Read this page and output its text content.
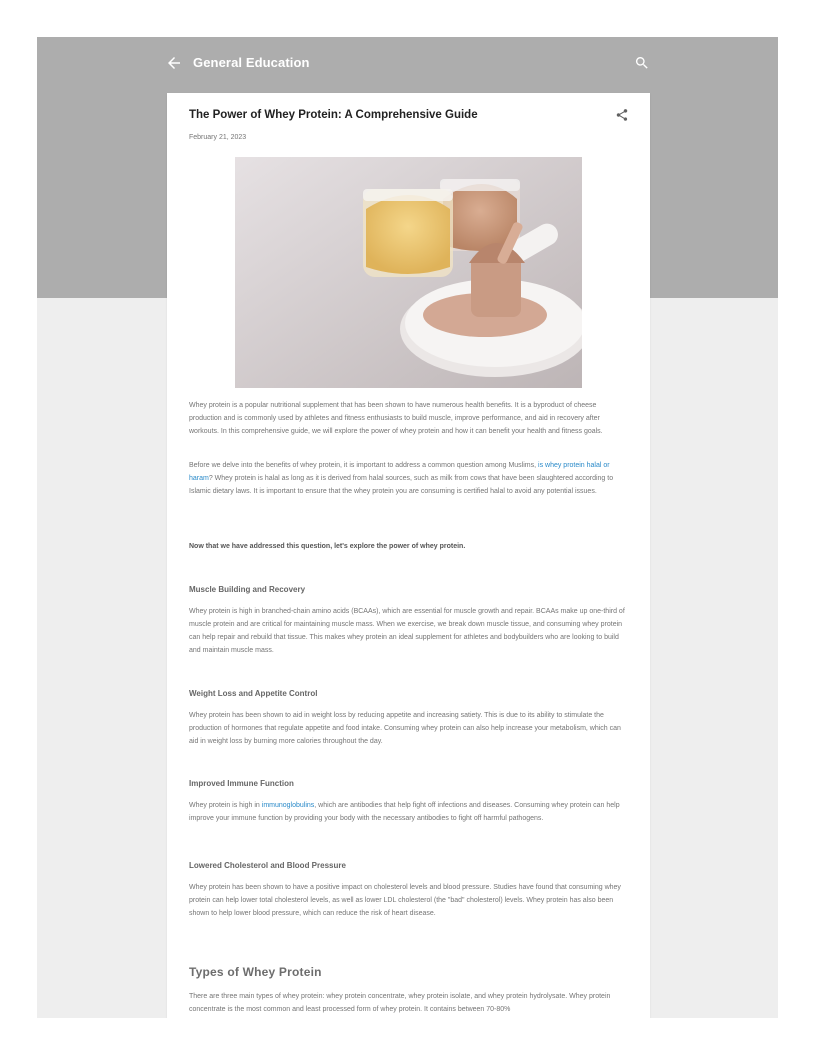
General Education
The Power of Whey Protein: A Comprehensive Guide
February 21, 2023
Whey protein is a popular nutritional supplement that has been shown to have numerous health benefits. It is a byproduct of cheese production and is commonly used by athletes and fitness enthusiasts to build muscle, improve performance, and aid in recovery after workouts. In this comprehensive guide, we will explore the power of whey protein and how it can benefit your health and fitness goals.
Before we delve into the benefits of whey protein, it is important to address a common question among Muslims, is whey protein halal or haram? Whey protein is halal as long as it is derived from halal sources, such as milk from cows that have been slaughtered according to Islamic dietary laws. It is important to ensure that the whey protein you are consuming is certified halal to avoid any potential issues.
Now that we have addressed this question, let's explore the power of whey protein.
Muscle Building and Recovery
Whey protein is high in branched-chain amino acids (BCAAs), which are essential for muscle growth and repair. BCAAs make up one-third of muscle protein and are critical for maintaining muscle mass. When we exercise, we break down muscle tissue, and consuming whey protein can help repair and rebuild that tissue. This makes whey protein an ideal supplement for athletes and bodybuilders who are looking to build and maintain muscle mass.
Weight Loss and Appetite Control
Whey protein has been shown to aid in weight loss by reducing appetite and increasing satiety. This is due to its ability to stimulate the production of hormones that regulate appetite and food intake. Consuming whey protein can also help increase your metabolism, which can aid in weight loss by burning more calories throughout the day.
Improved Immune Function
Whey protein is high in immunoglobulins, which are antibodies that help fight off infections and diseases. Consuming whey protein can help improve your immune function by providing your body with the necessary antibodies to fight off harmful pathogens.
Lowered Cholesterol and Blood Pressure
Whey protein has been shown to have a positive impact on cholesterol levels and blood pressure. Studies have found that consuming whey protein can help lower total cholesterol levels, as well as lower LDL cholesterol (the "bad" cholesterol) levels. Whey protein has also been shown to help lower blood pressure, which can reduce the risk of heart disease.
Types of Whey Protein
There are three main types of whey protein: whey protein concentrate, whey protein isolate, and whey protein hydrolysate. Whey protein concentrate is the most common and least processed form of whey protein. It contains between 70-80%
